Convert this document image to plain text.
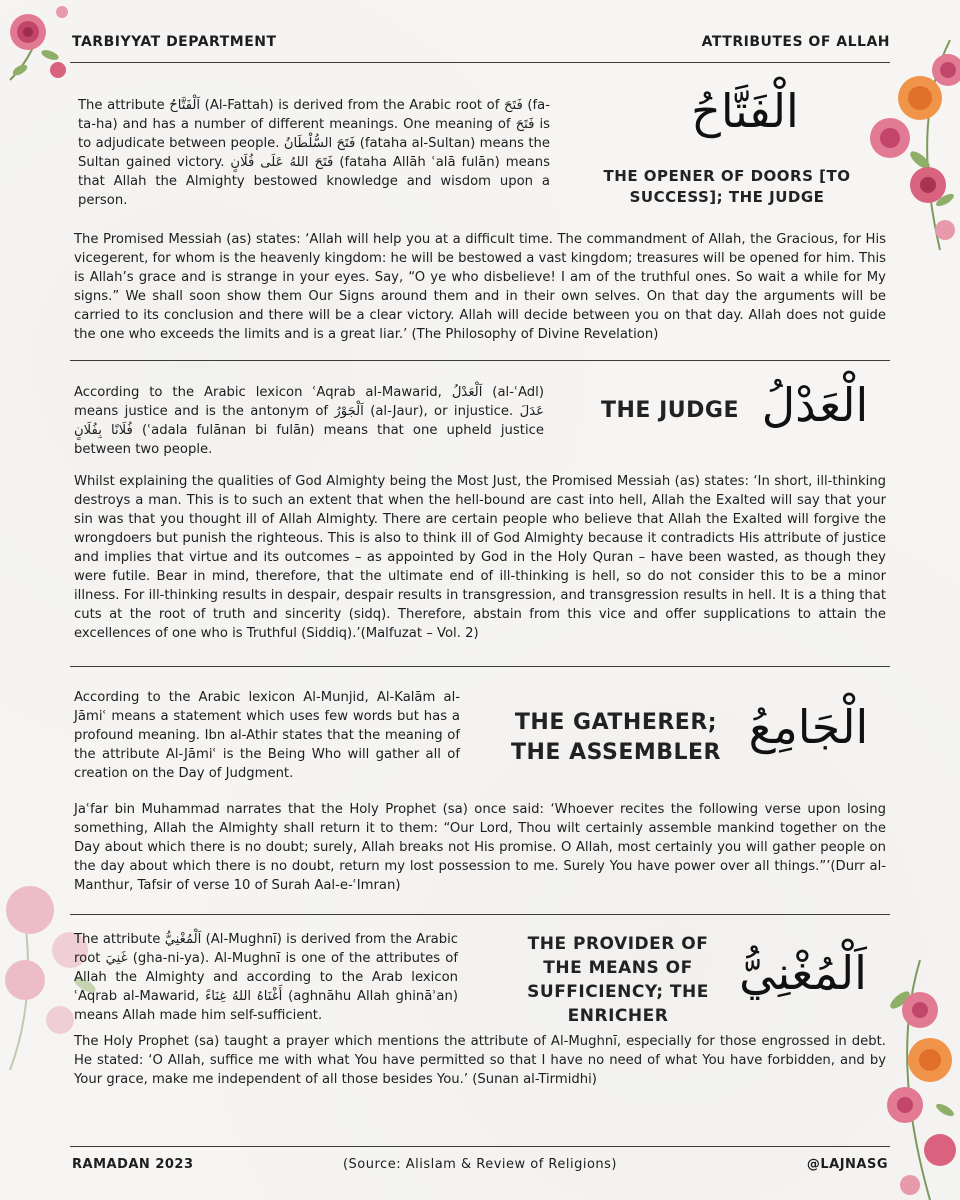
TARBIYYAT DEPARTMENT	ATTRIBUTES OF ALLAH
The attribute اَلْفَتَّاحُ (Al-Fattah) is derived from the Arabic root of فَتَحَ (fa-ta-ha) and has a number of different meanings. One meaning of فَتَحَ is to adjudicate between people. فَتَحَ السُّلْطَانُ (fataha al-Sultan) means the Sultan gained victory. فَتَحَ اللهُ عَلَى فُلَانٍ (fataha Allāh ʿalā fulān) means that Allah the Almighty bestowed knowledge and wisdom upon a person.
الْفَتَّاحُ
THE OPENER OF DOORS [TO SUCCESS]; THE JUDGE
The Promised Messiah (as) states: ‘Allah will help you at a difficult time. The commandment of Allah, the Gracious, for His vicegerent, for whom is the heavenly kingdom: he will be bestowed a vast kingdom; treasures will be opened for him. This is Allah’s grace and is strange in your eyes. Say, “O ye who disbelieve! I am of the truthful ones. So wait a while for My signs.” We shall soon show them Our Signs around them and in their own selves. On that day the arguments will be carried to its conclusion and there will be a clear victory. Allah will decide between you on that day. Allah does not guide the one who exceeds the limits and is a great liar.’ (The Philosophy of Divine Revelation)
According to the Arabic lexicon ʿAqrab al-Mawarid, اَلْعَدْلُ (al-ʿAdl) means justice and is the antonym of اَلْجَوْرُ (al-Jaur), or injustice. عَدَلَ فُلَانًا بِفُلَانٍ (ʿadala fulānan bi fulān) means that one upheld justice between two people.
THE JUDGE الْعَدْلُ
Whilst explaining the qualities of God Almighty being the Most Just, the Promised Messiah (as) states: ‘In short, ill-thinking destroys a man. This is to such an extent that when the hell-bound are cast into hell, Allah the Exalted will say that your sin was that you thought ill of Allah Almighty. There are certain people who believe that Allah the Exalted will forgive the wrongdoers but punish the righteous. This is also to think ill of God Almighty because it contradicts His attribute of justice and implies that virtue and its outcomes – as appointed by God in the Holy Quran – have been wasted, as though they were futile. Bear in mind, therefore, that the ultimate end of ill-thinking is hell, so do not consider this to be a minor illness. For ill-thinking results in despair, despair results in transgression, and transgression results in hell. It is a thing that cuts at the root of truth and sincerity (sidq). Therefore, abstain from this vice and offer supplications to attain the excellences of one who is Truthful (Siddiq).’(Malfuzat – Vol. 2)
According to the Arabic lexicon Al-Munjid, Al-Kalām al-Jāmiʿ means a statement which uses few words but has a profound meaning. Ibn al-Athir states that the meaning of the attribute Al-Jāmiʿ is the Being Who will gather all of creation on the Day of Judgment.
THE GATHERER; THE ASSEMBLER الْجَامِعُ
Jaʿfar bin Muhammad narrates that the Holy Prophet (sa) once said: ‘Whoever recites the following verse upon losing something, Allah the Almighty shall return it to them: “Our Lord, Thou wilt certainly assemble mankind together on the Day about which there is no doubt; surely, Allah breaks not His promise. O Allah, most certainly you will gather people on the day about which there is no doubt, return my lost possession to me. Surely You have power over all things.”’(Durr al-Manthur, Tafsir of verse 10 of Surah Aal-e-ʿImran)
The attribute اَلْمُغْنِيُّ (Al-Mughnī) is derived from the Arabic root غَنِيَ (gha-ni-ya). Al-Mughnī is one of the attributes of Allah the Almighty and according to the Arab lexicon ʿAqrab al-Mawarid, أَغْنَاهُ اللهُ غِنَاءً (aghnāhu Allah ghināʾan) means Allah made him self-sufficient.
THE PROVIDER OF THE MEANS OF SUFFICIENCY; THE ENRICHER
اَلْمُغْنِيُّ
The Holy Prophet (sa) taught a prayer which mentions the attribute of Al-Mughnī, especially for those engrossed in debt. He stated: ‘O Allah, suffice me with what You have permitted so that I have no need of what You have forbidden, and by Your grace, make me independent of all those besides You.’ (Sunan al-Tirmidhi)
RAMADAN 2023	(Source: Alislam & Review of Religions)	@LAJNASG
